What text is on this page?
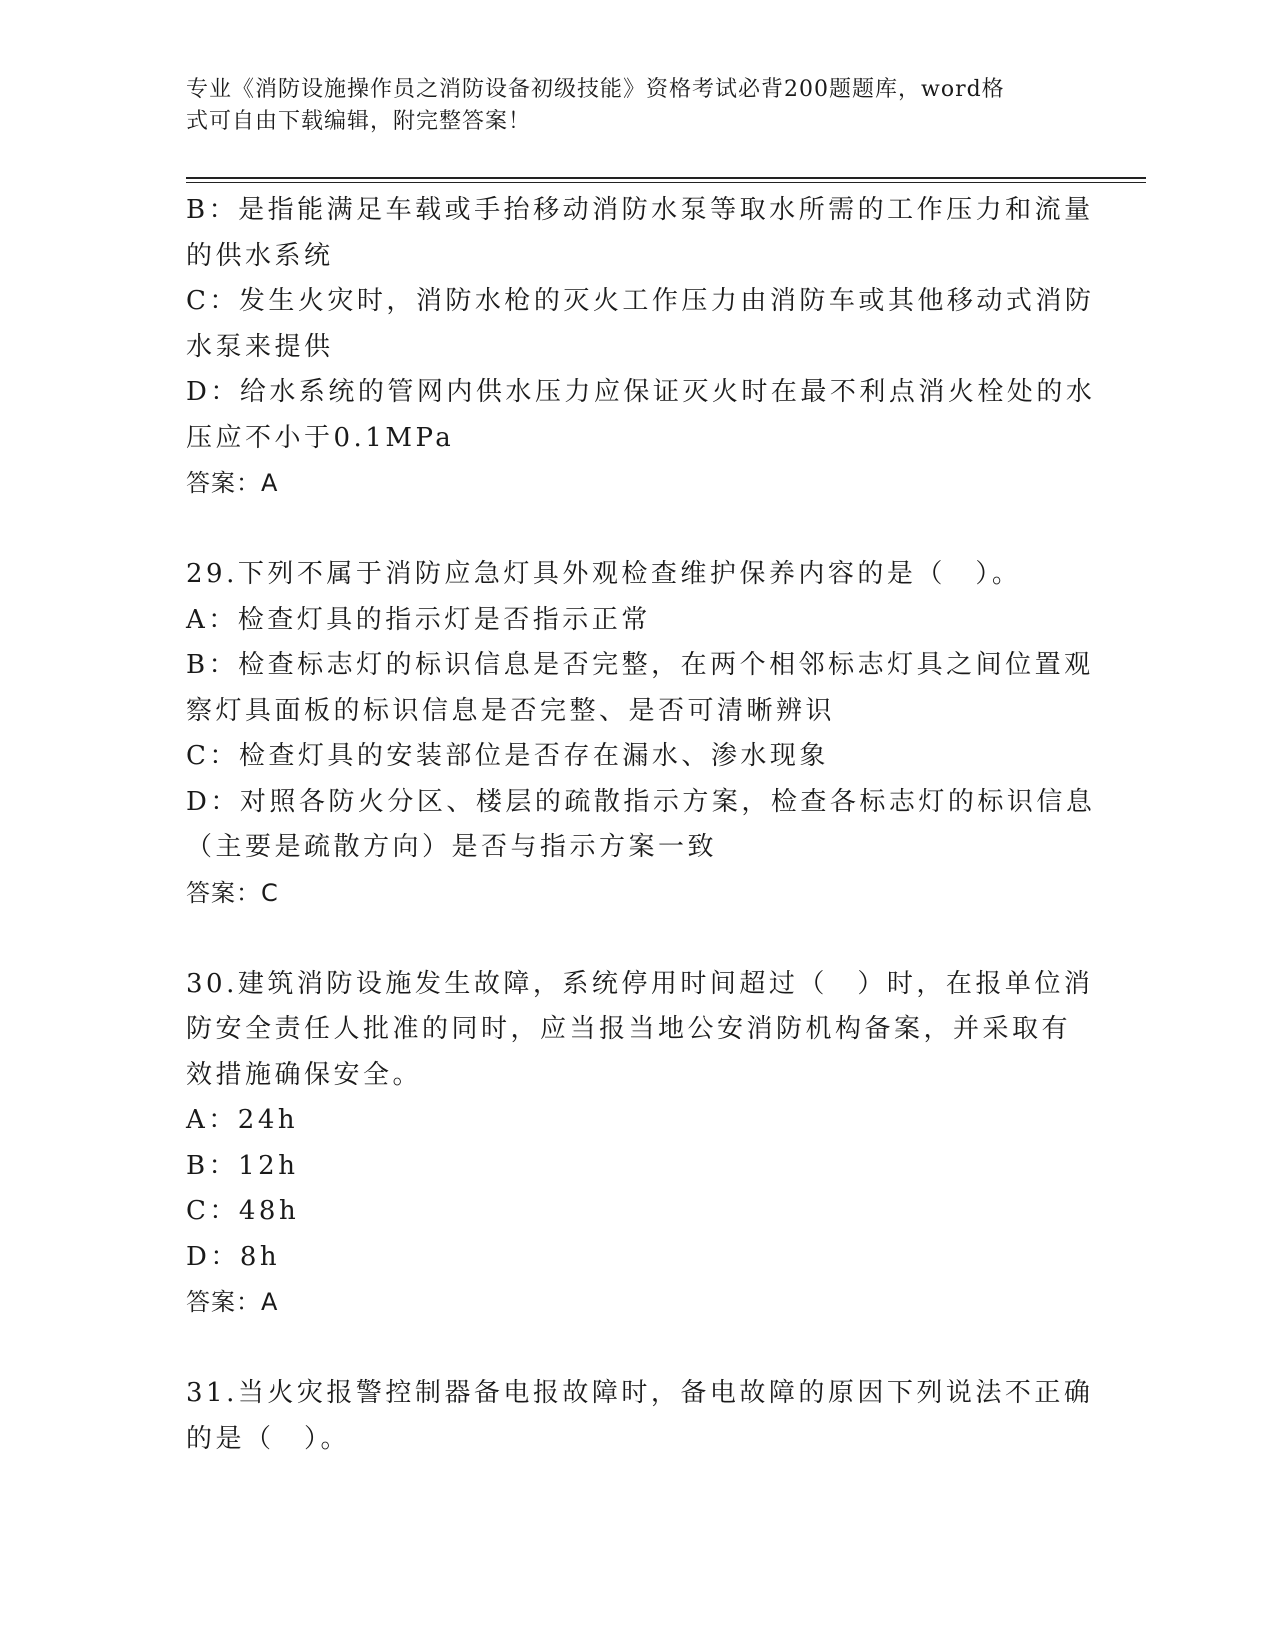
专业《消防设施操作员之消防设备初级技能》资格考试必背200题题库，word格
式可自由下载编辑，附完整答案！
B：是指能满足车载或手抬移动消防水泵等取水所需的工作压力和流量
的供水系统
C：发生火灾时，消防水枪的灭火工作压力由消防车或其他移动式消防
水泵来提供
D：给水系统的管网内供水压力应保证灭火时在最不利点消火栓处的水
压应不小于0.1MPa
答案：A
29.下列不属于消防应急灯具外观检查维护保养内容的是（　）。
A：检查灯具的指示灯是否指示正常
B：检查标志灯的标识信息是否完整，在两个相邻标志灯具之间位置观
察灯具面板的标识信息是否完整、是否可清晰辨识
C：检查灯具的安装部位是否存在漏水、渗水现象
D：对照各防火分区、楼层的疏散指示方案，检查各标志灯的标识信息
（主要是疏散方向）是否与指示方案一致
答案：C
30.建筑消防设施发生故障，系统停用时间超过（　）时，在报单位消
防安全责任人批准的同时，应当报当地公安消防机构备案，并采取有
效措施确保安全。
A：24h
B：12h
C：48h
D：8h
答案：A
31.当火灾报警控制器备电报故障时，备电故障的原因下列说法不正确
的是（　）。
